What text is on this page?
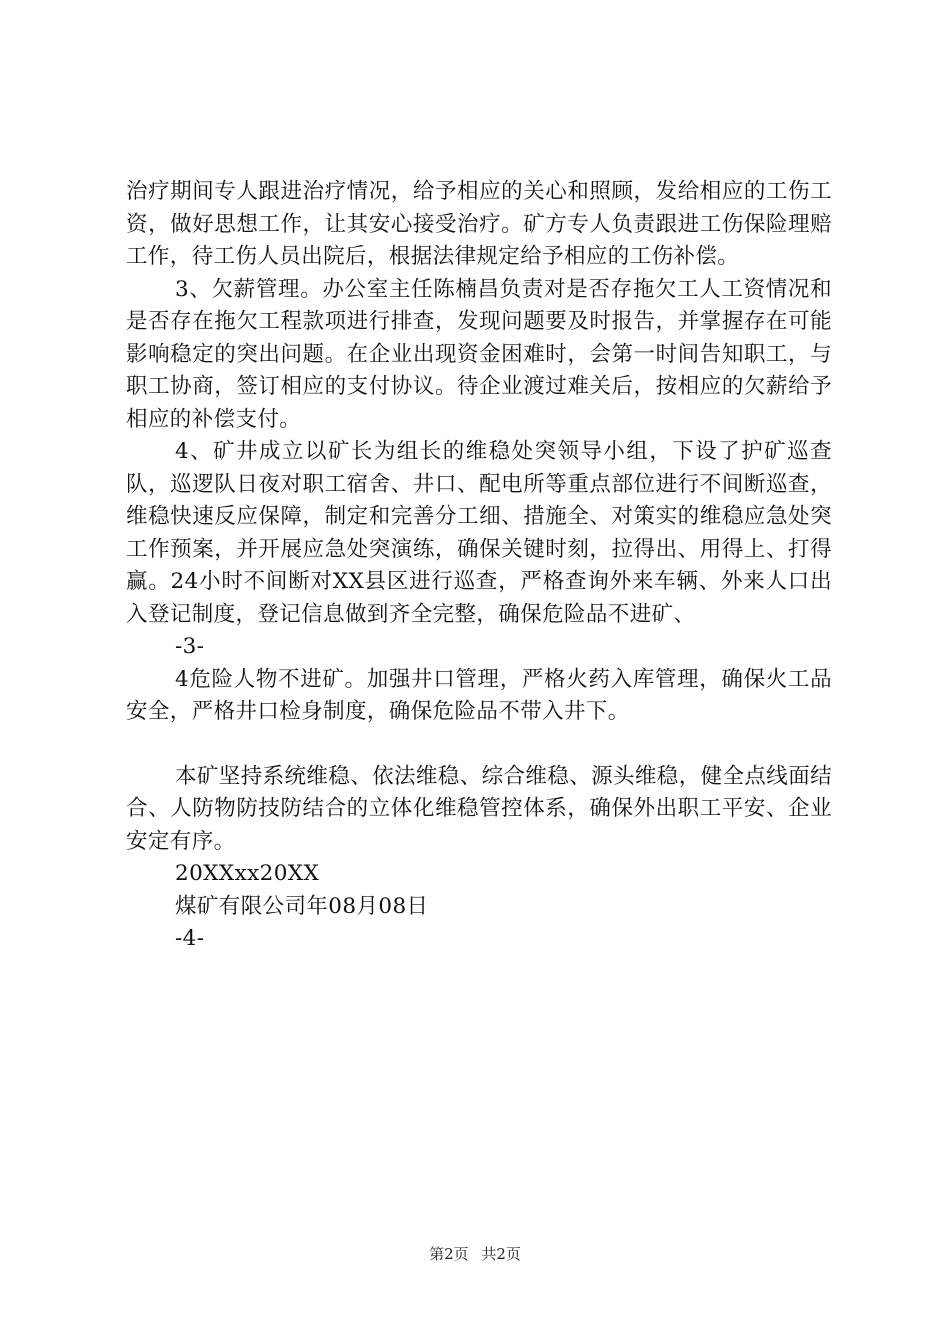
治疗期间专人跟进治疗情况，给予相应的关心和照顾，发给相应的工伤工资，做好思想工作，让其安心接受治疗。矿方专人负责跟进工伤保险理赔工作，待工伤人员出院后，根据法律规定给予相应的工伤补偿。

3、欠薪管理。办公室主任陈楠昌负责对是否存拖欠工人工资情况和是否存在拖欠工程款项进行排查，发现问题要及时报告，并掌握存在可能影响稳定的突出问题。在企业出现资金困难时，会第一时间告知职工，与职工协商，签订相应的支付协议。待企业渡过难关后，按相应的欠薪给予相应的补偿支付。

4、矿井成立以矿长为组长的维稳处突领导小组，下设了护矿巡查队，巡逻队日夜对职工宿舍、井口、配电所等重点部位进行不间断巡查，维稳快速反应保障，制定和完善分工细、措施全、对策实的维稳应急处突工作预案，并开展应急处突演练，确保关键时刻，拉得出、用得上、打得赢。24小时不间断对XX县区进行巡查，严格查询外来车辆、外来人口出入登记制度，登记信息做到齐全完整，确保危险品不进矿、

-3-

4危险人物不进矿。加强井口管理，严格火药入库管理，确保火工品安全，严格井口检身制度，确保危险品不带入井下。

本矿坚持系统维稳、依法维稳、综合维稳、源头维稳，健全点线面结合、人防物防技防结合的立体化维稳管控体系，确保外出职工平安、企业安定有序。

20XXxx20XX

煤矿有限公司年08月08日

-4-

第2页 共2页
